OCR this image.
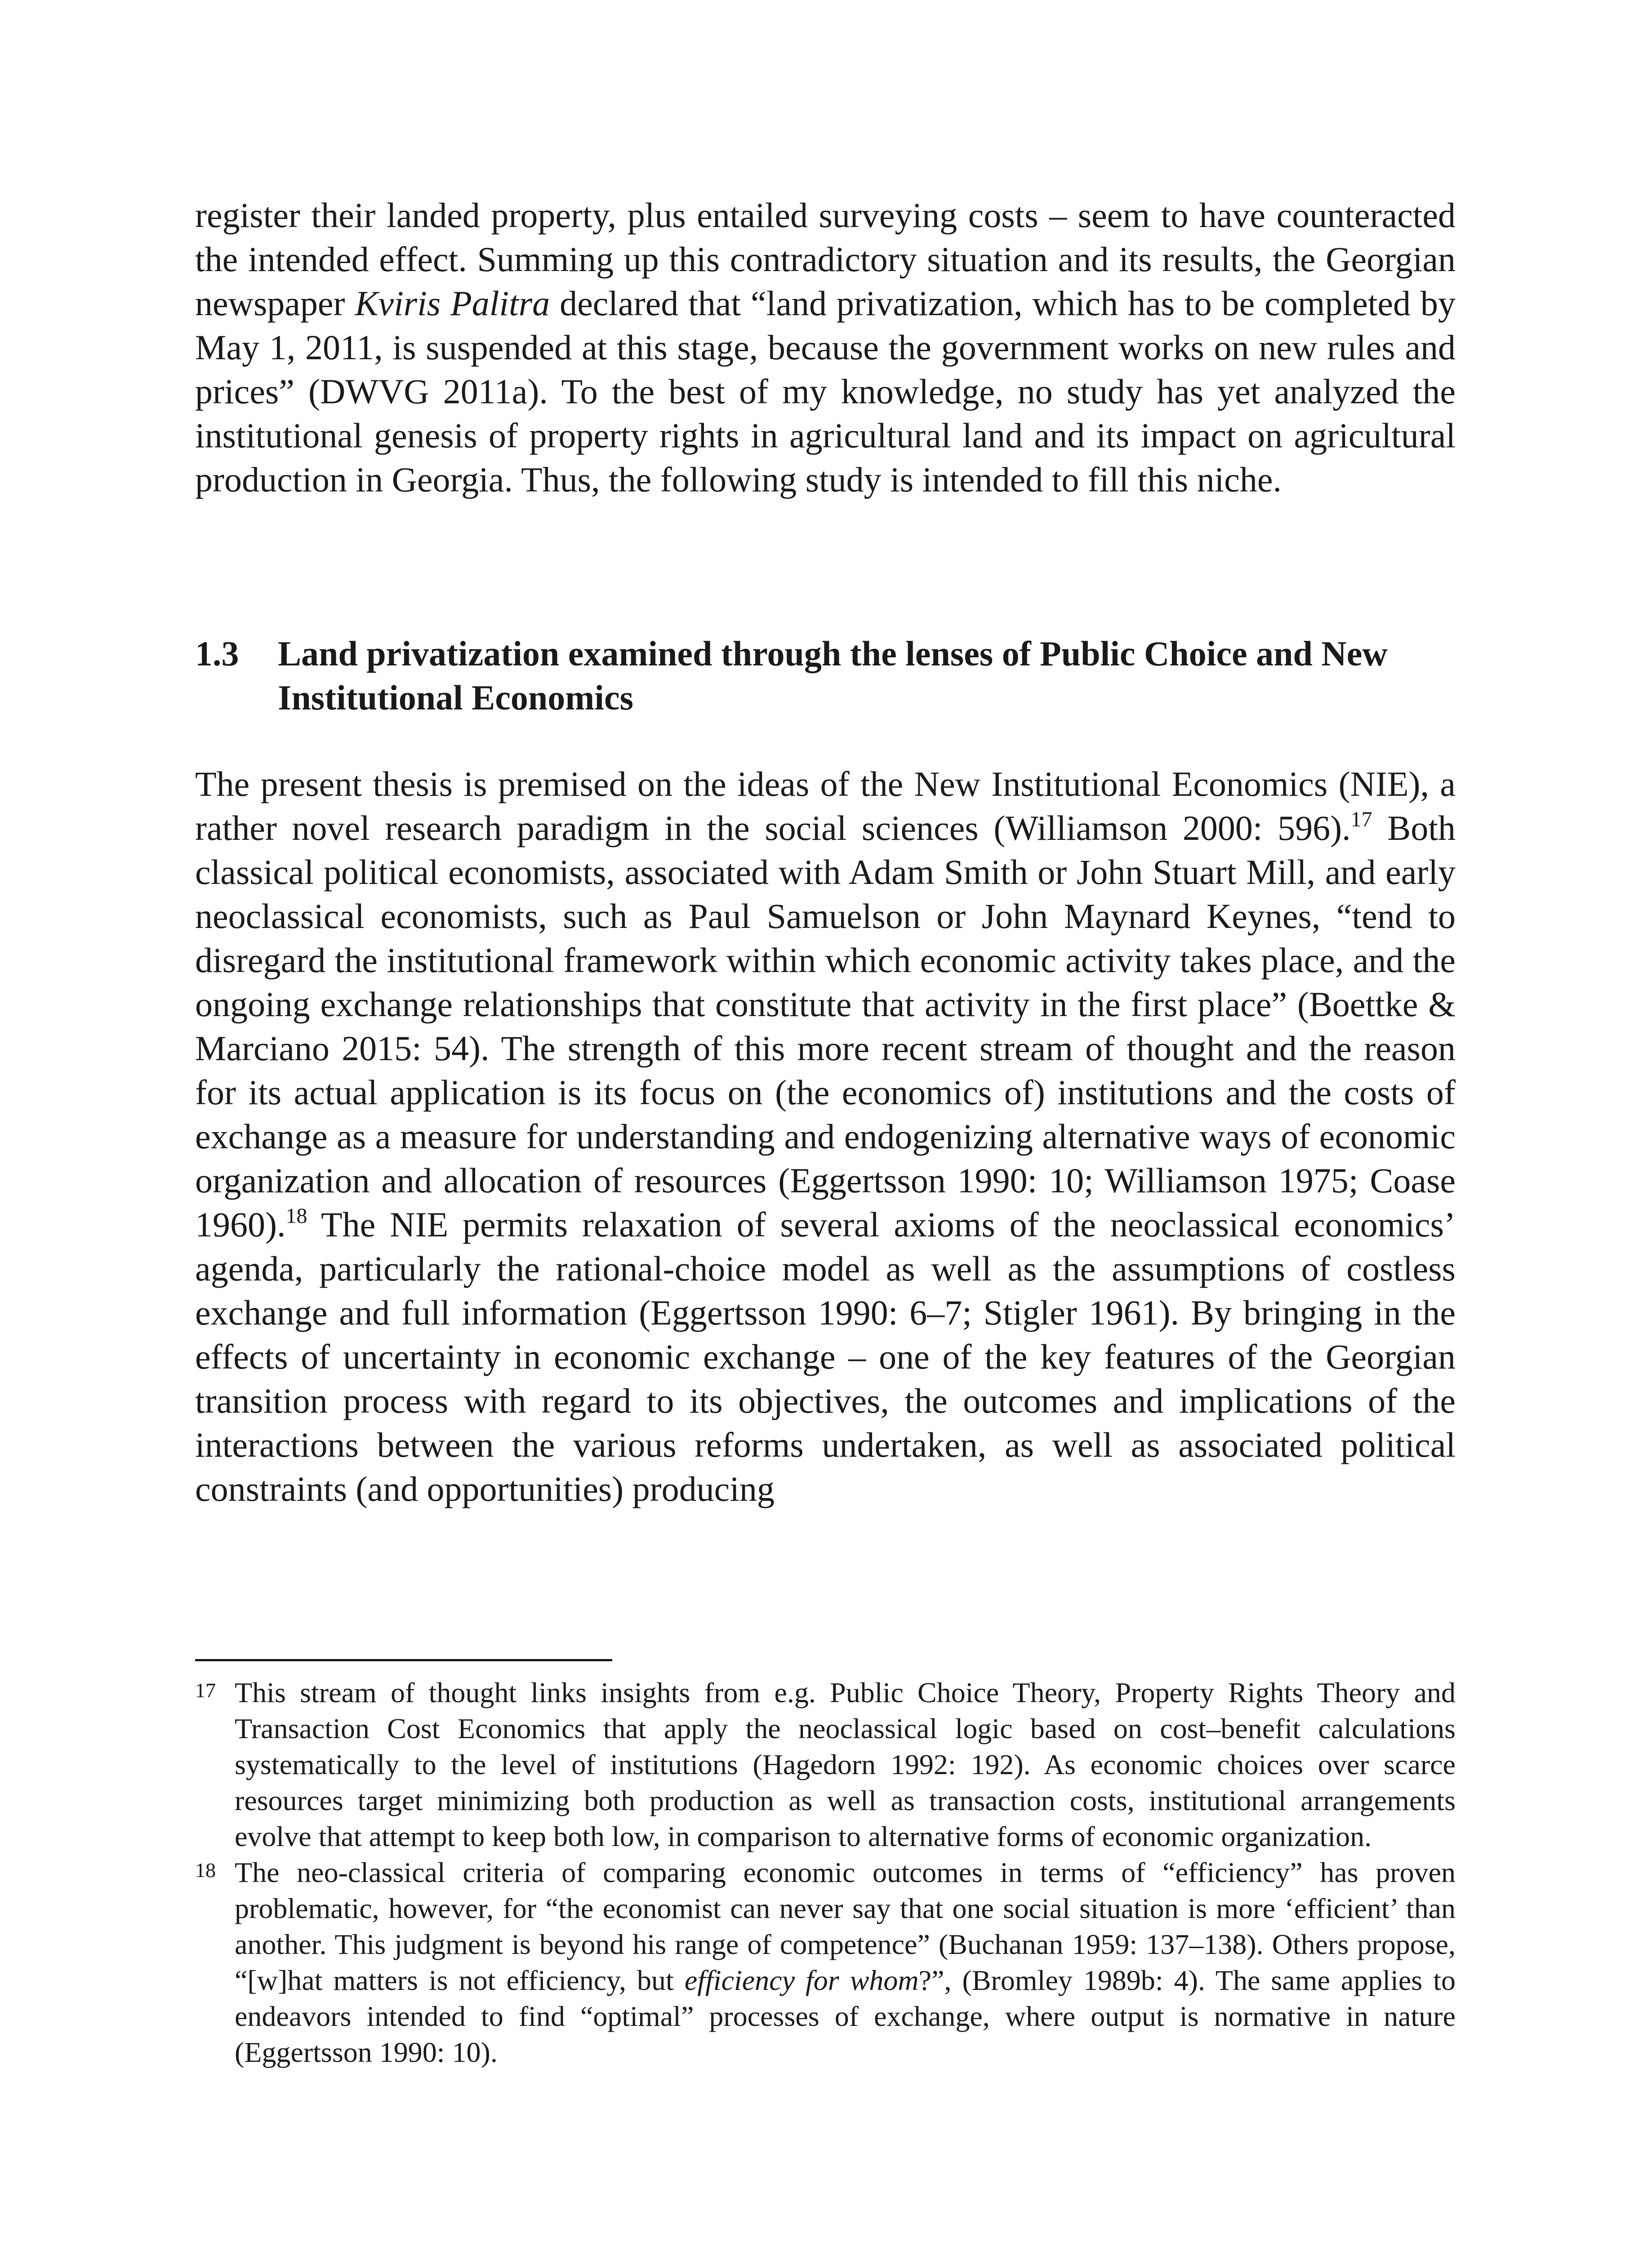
register their landed property, plus entailed surveying costs – seem to have counteracted the intended effect. Summing up this contradictory situation and its results, the Georgian newspaper Kviris Palitra declared that “land privatization, which has to be completed by May 1, 2011, is suspended at this stage, because the government works on new rules and prices” (DWVG 2011a). To the best of my knowledge, no study has yet analyzed the institutional genesis of property rights in agricultural land and its impact on agricultural production in Georgia. Thus, the following study is intended to fill this niche.

1.3	Land privatization examined through the lenses of Public Choice and New Institutional Economics

The present thesis is premised on the ideas of the New Institutional Economics (NIE), a rather novel research paradigm in the social sciences (Williamson 2000: 596).$^{17}$ Both classical political economists, associated with Adam Smith or John Stuart Mill, and early neoclassical economists, such as Paul Samuelson or John Maynard Keynes, “tend to disregard the institutional framework within which economic activity takes place, and the ongoing exchange relationships that constitute that activity in the first place” (Boettke & Marciano 2015: 54). The strength of this more recent stream of thought and the reason for its actual application is its focus on (the economics of) institutions and the costs of exchange as a measure for understanding and endogenizing alternative ways of economic organization and allocation of resources (Eggertsson 1990: 10; Williamson 1975; Coase 1960).$^{18}$ The NIE permits relaxation of several axioms of the neoclassical economics’ agenda, particularly the rational-choice model as well as the assumptions of costless exchange and full information (Eggertsson 1990: 6–7; Stigler 1961). By bringing in the effects of uncertainty in economic exchange – one of the key features of the Georgian transition process with regard to its objectives, the outcomes and implications of the interactions between the various reforms undertaken, as well as associated political constraints (and opportunities) producing

17 This stream of thought links insights from e.g. Public Choice Theory, Property Rights Theory and Transaction Cost Economics that apply the neoclassical logic based on cost–benefit calculations systematically to the level of institutions (Hagedorn 1992: 192). As economic choices over scarce resources target minimizing both production as well as transaction costs, institutional arrangements evolve that attempt to keep both low, in comparison to alternative forms of economic organization.
18 The neo-classical criteria of comparing economic outcomes in terms of “efficiency” has proven problematic, however, for “the economist can never say that one social situation is more ‘efficient’ than another. This judgment is beyond his range of competence” (Buchanan 1959: 137–138). Others propose, “[w]hat matters is not efficiency, but efficiency for whom?”, (Bromley 1989b: 4). The same applies to endeavors intended to find “optimal” processes of exchange, where output is normative in nature (Eggertsson 1990: 10).
